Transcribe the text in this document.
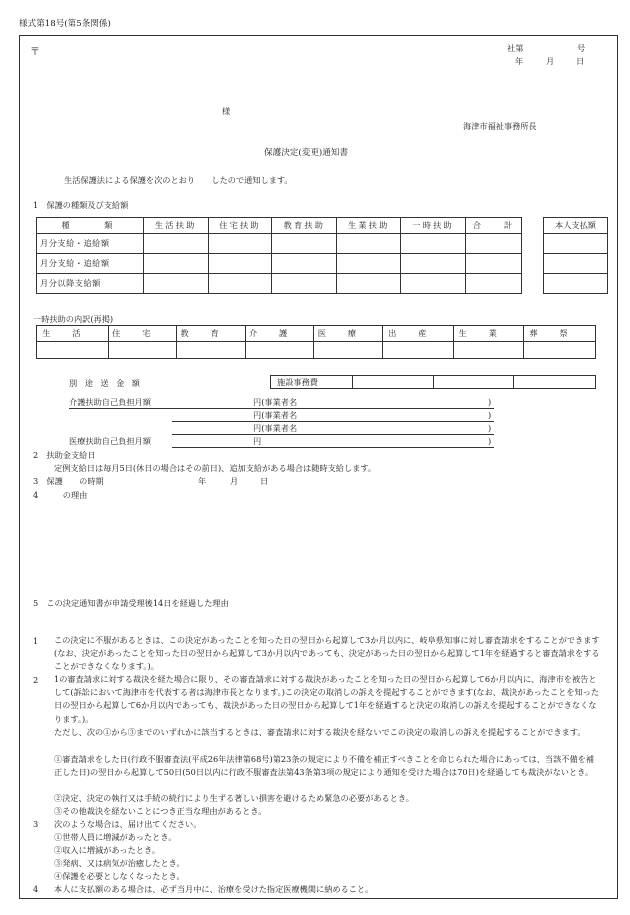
様式第18号(第5条関係)
〒	社第	号
年	月	日
様
海津市福祉事務所長
保護決定(変更)通知書
生活保護法による保護を次のとおり　　したので通知します。
1　保護の種類及び支給額
種　　類	生活扶助	住宅扶助	教育扶助	生業扶助	一時扶助	合　　計
月分支給・追給額						
月分支給・追給額						
月分以降支給額						
本人支払額

一時扶助の内訳(再掲)
生活	住宅	教育	介護	医療	出産	生業	葬祭

別途送金額	施設事務費			
介護扶助自己負担月額	円(事業者名	)
円(事業者名	)
円(事業者名	)
医療扶助自己負担月額	円	)
2　扶助金支給日
定例支給日は毎月5日(休日の場合はその前日)、追加支給がある場合は随時支給します。
3　保護　　の時期	年	月	日
4　　　の理由
5　この決定通知書が申請受理後14日を経過した理由
1 この決定に不服があるときは、この決定があったことを知った日の翌日から起算して3か月以内に、岐阜県知事に対し審査請求をすることができます(なお、決定があったことを知った日の翌日から起算して3か月以内であっても、決定があった日の翌日から起算して1年を経過すると審査請求をすることができなくなります。)。
2 1の審査請求に対する裁決を経た場合に限り、その審査請求に対する裁決があったことを知った日の翌日から起算して6か月以内に、海津市を被告として(訴訟において海津市を代表する者は海津市長となります。)この決定の取消しの訴えを提起することができます(なお、裁決があったことを知った日の翌日から起算して6か月以内であっても、裁決があった日の翌日から起算して1年を経過すると決定の取消しの訴えを提起することができなくなります。)。
ただし、次の①から③までのいずれかに該当するときは、審査請求に対する裁決を経ないでこの決定の取消しの訴えを提起することができます。
①審査請求をした日(行政不服審査法(平成26年法律第68号)第23条の規定により不備を補正すべきことを命じられた場合にあっては、当該不備を補正した日)の翌日から起算して50日(50日以内に行政不服審査法第43条第3項の規定により通知を受けた場合は70日)を経過しても裁決がないとき。
②決定、決定の執行又は手続の続行により生ずる著しい損害を避けるため緊急の必要があるとき。
③その他裁決を経ないことにつき正当な理由があるとき。
3 次のような場合は、届け出てください。
①世帯人員に増減があったとき。
②収入に増減があったとき。
③発病、又は病気が治癒したとき。
④保護を必要としなくなったとき。
4 本人に支払額のある場合は、必ず当月中に、治療を受けた指定医療機関に納めること。
